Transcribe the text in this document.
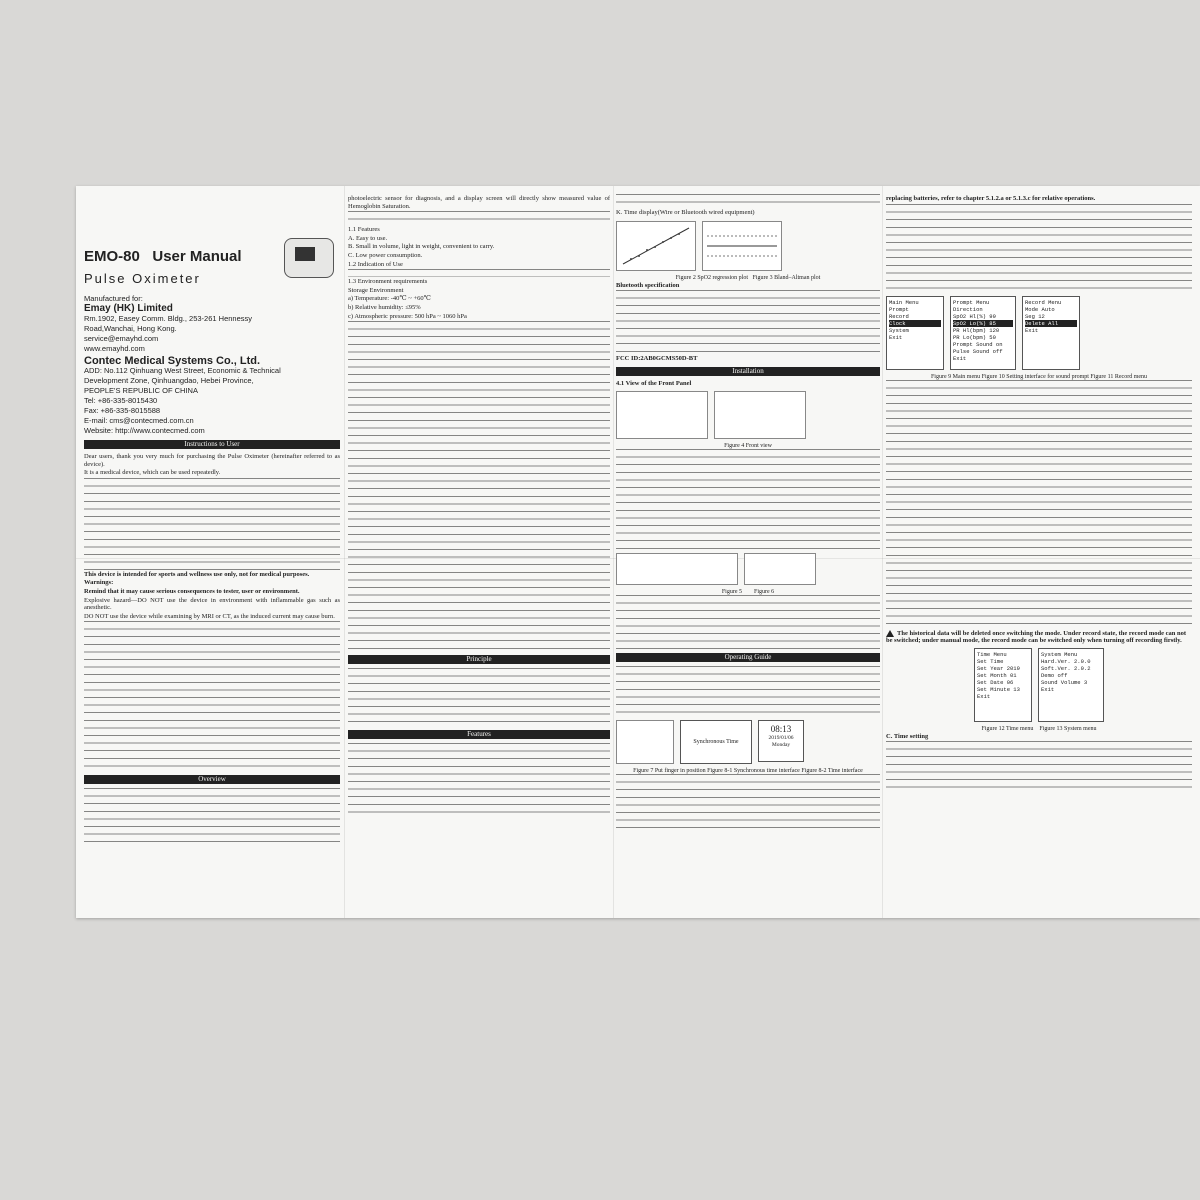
EMO-80 User Manual
Pulse Oximeter
Manufactured for:
Emay (HK) Limited
Rm.1902, Easey Comm. Bldg., 253-261 Hennessy
Road,Wanchai, Hong Kong.
service@emayhd.com
www.emayhd.com
Contec Medical Systems Co., Ltd.
ADD: No.112 Qinhuang West Street, Economic & Technical
Development Zone, Qinhuangdao, Hebei Province,
PEOPLE'S REPUBLIC OF CHINA
Tel: +86-335-8015430
Fax: +86-335-8015588
E-mail: cms@contecmed.com.cn
Website: http://www.contecmed.com
Instructions to User
Dear users, thank you very much for purchasing the Pulse Oximeter (hereinafter referred to as device).
It is a medical device, which can be used repeatedly.
This device is intended for sports and wellness use only, not for medical purposes.
Warnings:
Remind that it may cause serious consequences to tester, user or environment.
Explosive hazard—DO NOT use the device in environment with inflammable gas such as anesthetic.
DO NOT use the device while examining by MRI or CT, as the induced current may cause burn.
Overview
photoelectric sensor for diagnosis, and a display screen will directly show measured value of Hemoglobin Saturation.
1.1 Features
A. Easy to use.
B. Small in volume, light in weight, convenient to carry.
C. Low power consumption.
1.2 Indication of Use
1.3 Environment requirements
Storage Environment
a) Temperature: -40℃ ~ +60℃
b) Relative humidity: ≤95%
c) Atmospheric pressure: 500 hPa ~ 1060 hPa
Principle
Features
K. Time display(Wire or Bluetooth wired equipment)
Figure 2 SpO2 regression plot Figure 3 Bland–Altman plot
Bluetooth specification
FCC ID:2AB0GCMS50D-BT
Installation
4.1 View of the Front Panel
Figure 4 Front view
Figure 5 Figure 6
Operating Guide
Synchronous Time
08:13
2019/01/06
Monday
Figure 7 Put finger in position Figure 8-1 Synchronous time interface Figure 8-2 Time interface
replacing batteries, refer to chapter 5.1.2.a or 5.1.3.c for relative operations.
Main Menu
Prompt
Record
Clock
System
Exit
Prompt Menu
Direction
SpO2 Hl(%) 99
SpO2 Lo(%) 85
PR Hl(bpm) 120
PR Lo(bpm) 50
Prompt Sound on
Pulse Sound off
Exit
Record Menu
Mode Auto
Seg 12
Delete All
Exit
Figure 9 Main menu Figure 10 Setting interface for sound prompt Figure 11 Record menu
The historical data will be deleted once switching the mode. Under record state, the record mode can not be switched; under manual mode, the record mode can be switched only when turning off recording firstly.
Time Menu
Set Time
Set Year 2019
Set Month 01
Set Date 06
Set Minute 13
Exit
System Menu
Hard.Ver. 2.0.0
Soft.Ver. 2.0.2
Demo off
Sound Volume 3
Exit
Figure 12 Time menu Figure 13 System menu
C. Time setting
